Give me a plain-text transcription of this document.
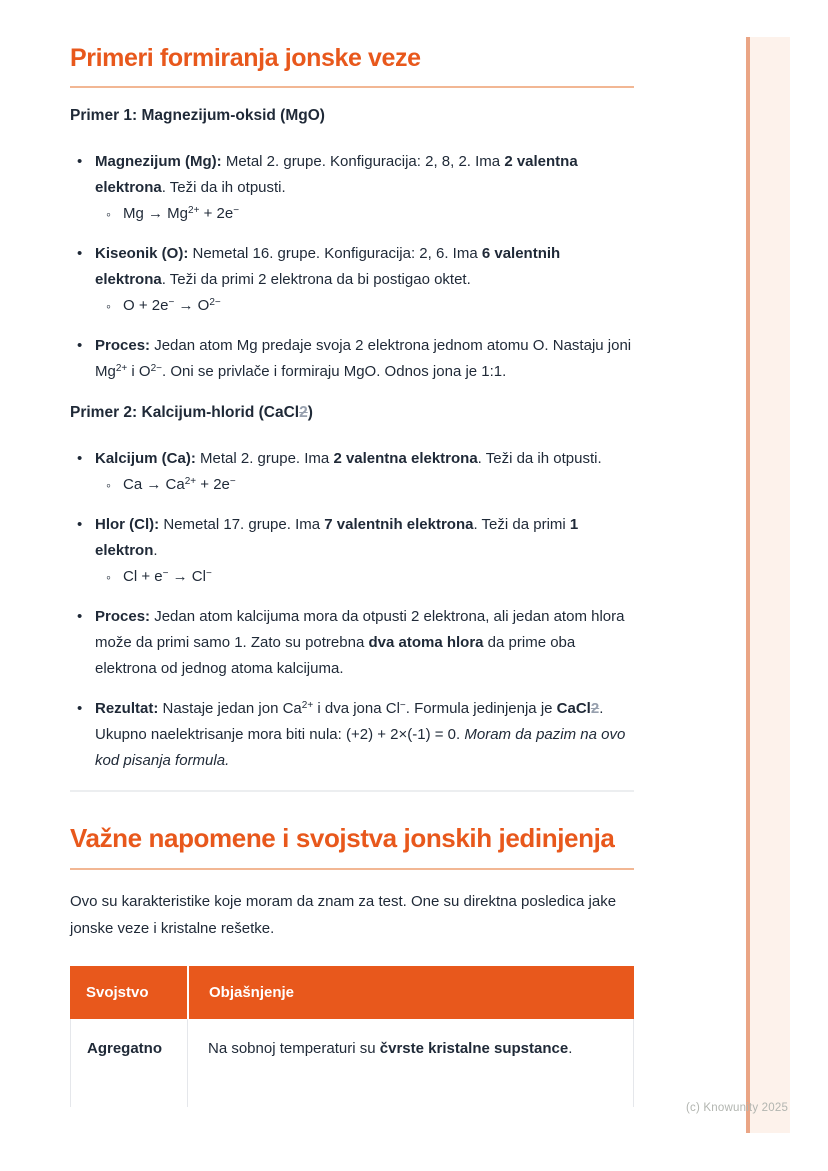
(c) Knowunity 2025
Primeri formiranja jonske veze

Primer 1: Magnezijum-oksid (MgO)

• Magnezijum (Mg): Metal 2. grupe. Konfiguracija: 2, 8, 2. Ima 2 valentna elektrona. Teži da ih otpusti.
◦ $Mg \to Mg^{2+} + 2e^-$
• Kiseonik (O): Nemetal 16. grupe. Konfiguracija: 2, 6. Ima 6 valentnih elektrona. Teži da primi 2 elektrona da bi postigao oktet.
◦ $O + 2e^- \to O^{2-}$
• Proces: Jedan atom Mg predaje svoja 2 elektrona jednom atomu O. Nastaju joni $Mg^{2+}$ i $O^{2-}$. Oni se privlače i formiraju MgO. Odnos jona je 1:1.

Primer 2: Kalcijum-hlorid (CaCl2)

• Kalcijum (Ca): Metal 2. grupe. Ima 2 valentna elektrona. Teži da ih otpusti.
◦ $Ca \to Ca^{2+} + 2e^-$
• Hlor (Cl): Nemetal 17. grupe. Ima 7 valentnih elektrona. Teži da primi 1 elektron.
◦ Cl + e− → Cl−
• Proces: Jedan atom kalcijuma mora da otpusti 2 elektrona, ali jedan atom hlora može da primi samo 1. Zato su potrebna dva atoma hlora da prime oba elektrona od jednog atoma kalcijuma.
• Rezultat: Nastaje jedan jon $Ca^{2+}$ i dva jona Cl−. Formula jedinjenja je CaCl2. Ukupno naelektrisanje mora biti nula: (+2) + 2×(-1) = 0. Moram da pazim na ovo kod pisanja formula.
Važne napomene i svojstva jonskih jedinjenja

Ovo su karakteristike koje moram da znam za test. One su direktna posledica jake jonske veze i kristalne rešetke.

Svojstvo	Objašnjenje
Agregatno	Na sobnoj temperaturi su čvrste kristalne supstance.
